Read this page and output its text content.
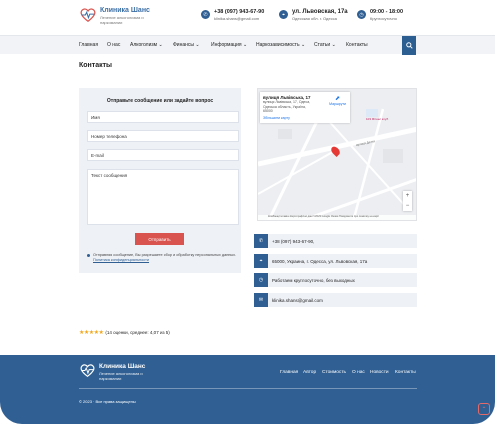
Клиника Шанс
Лечение алкоголизма и
наркомании
✆	+38 (097) 943-67-90
klinika.shans@gmail.com
⌖	ул. Львовская, 17а
Одесская обл. г. Одесса
◷	09:00 - 18:00
Круглосуточно
Главная О нас Алкоголизм ⌄ Финансы ⌄ Информация ⌄ Наркозависимость ⌄ Статьи ⌄ Контакты
Контакты
Отправьте сообщение или задайте вопрос
Имя
Номер телефона
E-mail
Текст сообщения
Отправить
Отправляя сообщение, Вы разрешаете сбор и обработку персональных данных. Политика конфиденциальности
вулиця Львівська, 17
вулиця Львівська, 17, Одеса,
Одеська область, Україна,
65000
Збільшити карту
⬈
Маршрути
вулиця Дачна
103 Фітнес клуб
+
−
Комбінації клавіш Картографічні дані ©2023 Google Умови Повідомити про помилку на карті
✆	+38 (097) 943-67-90,
⌖	65000, Украина, г. Одесса, ул. Львовская, 17а
◷	Работаем круглосуточно, без выходных
✉	klinika.shans@gmail.com
★★★★★ (14 оценки, среднее: 4,07 из 5)
Клиника Шанс
Лечение алкоголизма и
наркомании
Главная Автор Стоимость О нас Новости Контакты
© 2023 · Все права защищены
⌃
